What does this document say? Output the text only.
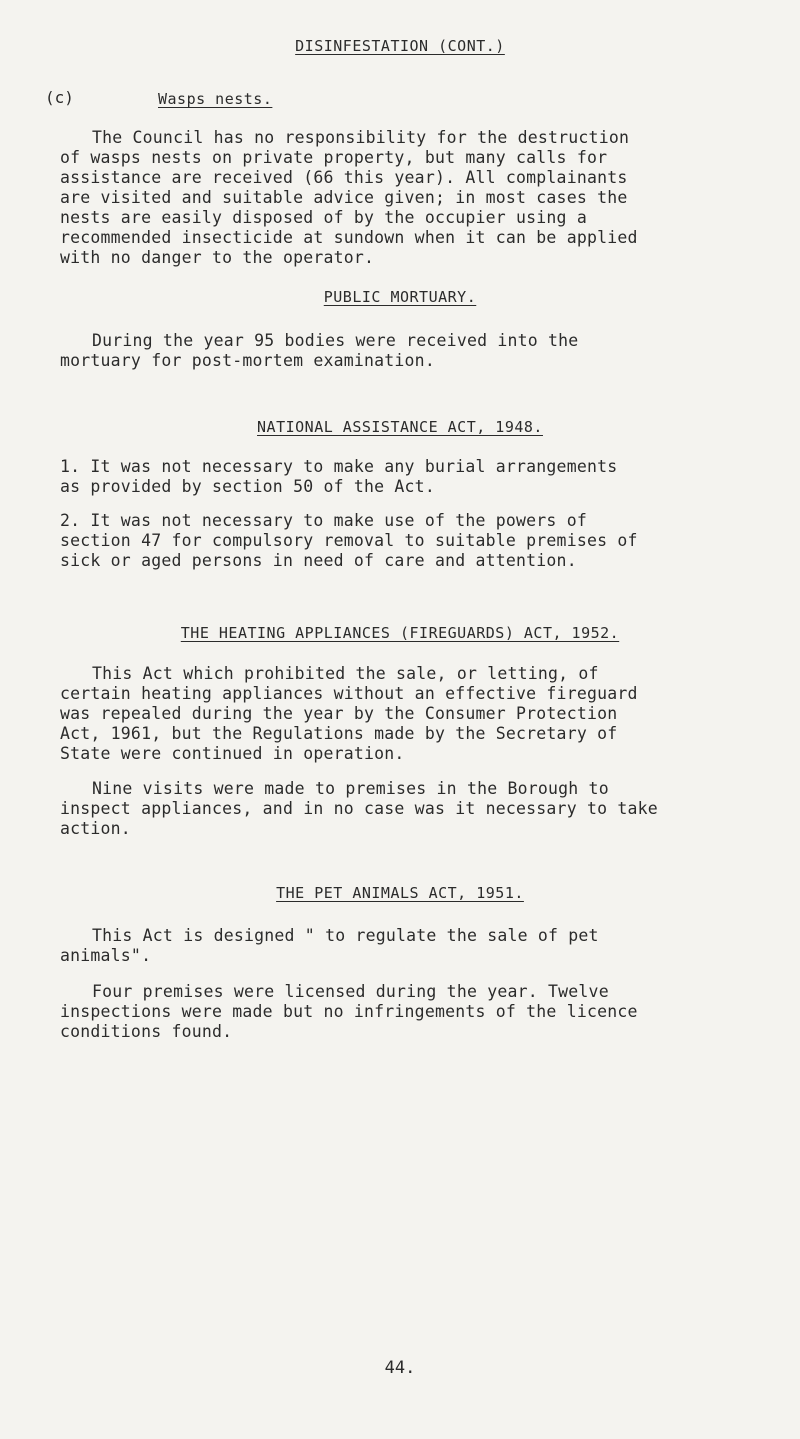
DISINFESTATION (CONT.)
(c)	Wasps nests.
The Council has no responsibility for the destruction
of wasps nests on private property, but many calls for
assistance are received (66 this year). All complainants
are visited and suitable advice given; in most cases the
nests are easily disposed of by the occupier using a
recommended insecticide at sundown when it can be applied
with no danger to the operator.
PUBLIC MORTUARY.
During the year 95 bodies were received into the
mortuary for post-mortem examination.
NATIONAL ASSISTANCE ACT, 1948.
1. It was not necessary to make any burial arrangements
as provided by section 50 of the Act.
2. It was not necessary to make use of the powers of
section 47 for compulsory removal to suitable premises of
sick or aged persons in need of care and attention.
THE HEATING APPLIANCES (FIREGUARDS) ACT, 1952.
This Act which prohibited the sale, or letting, of
certain heating appliances without an effective fireguard
was repealed during the year by the Consumer Protection
Act, 1961, but the Regulations made by the Secretary of
State were continued in operation.
Nine visits were made to premises in the Borough to
inspect appliances, and in no case was it necessary to take
action.
THE PET ANIMALS ACT, 1951.
This Act is designed " to regulate the sale of pet
animals".
Four premises were licensed during the year. Twelve
inspections were made but no infringements of the licence
conditions found.
44.
